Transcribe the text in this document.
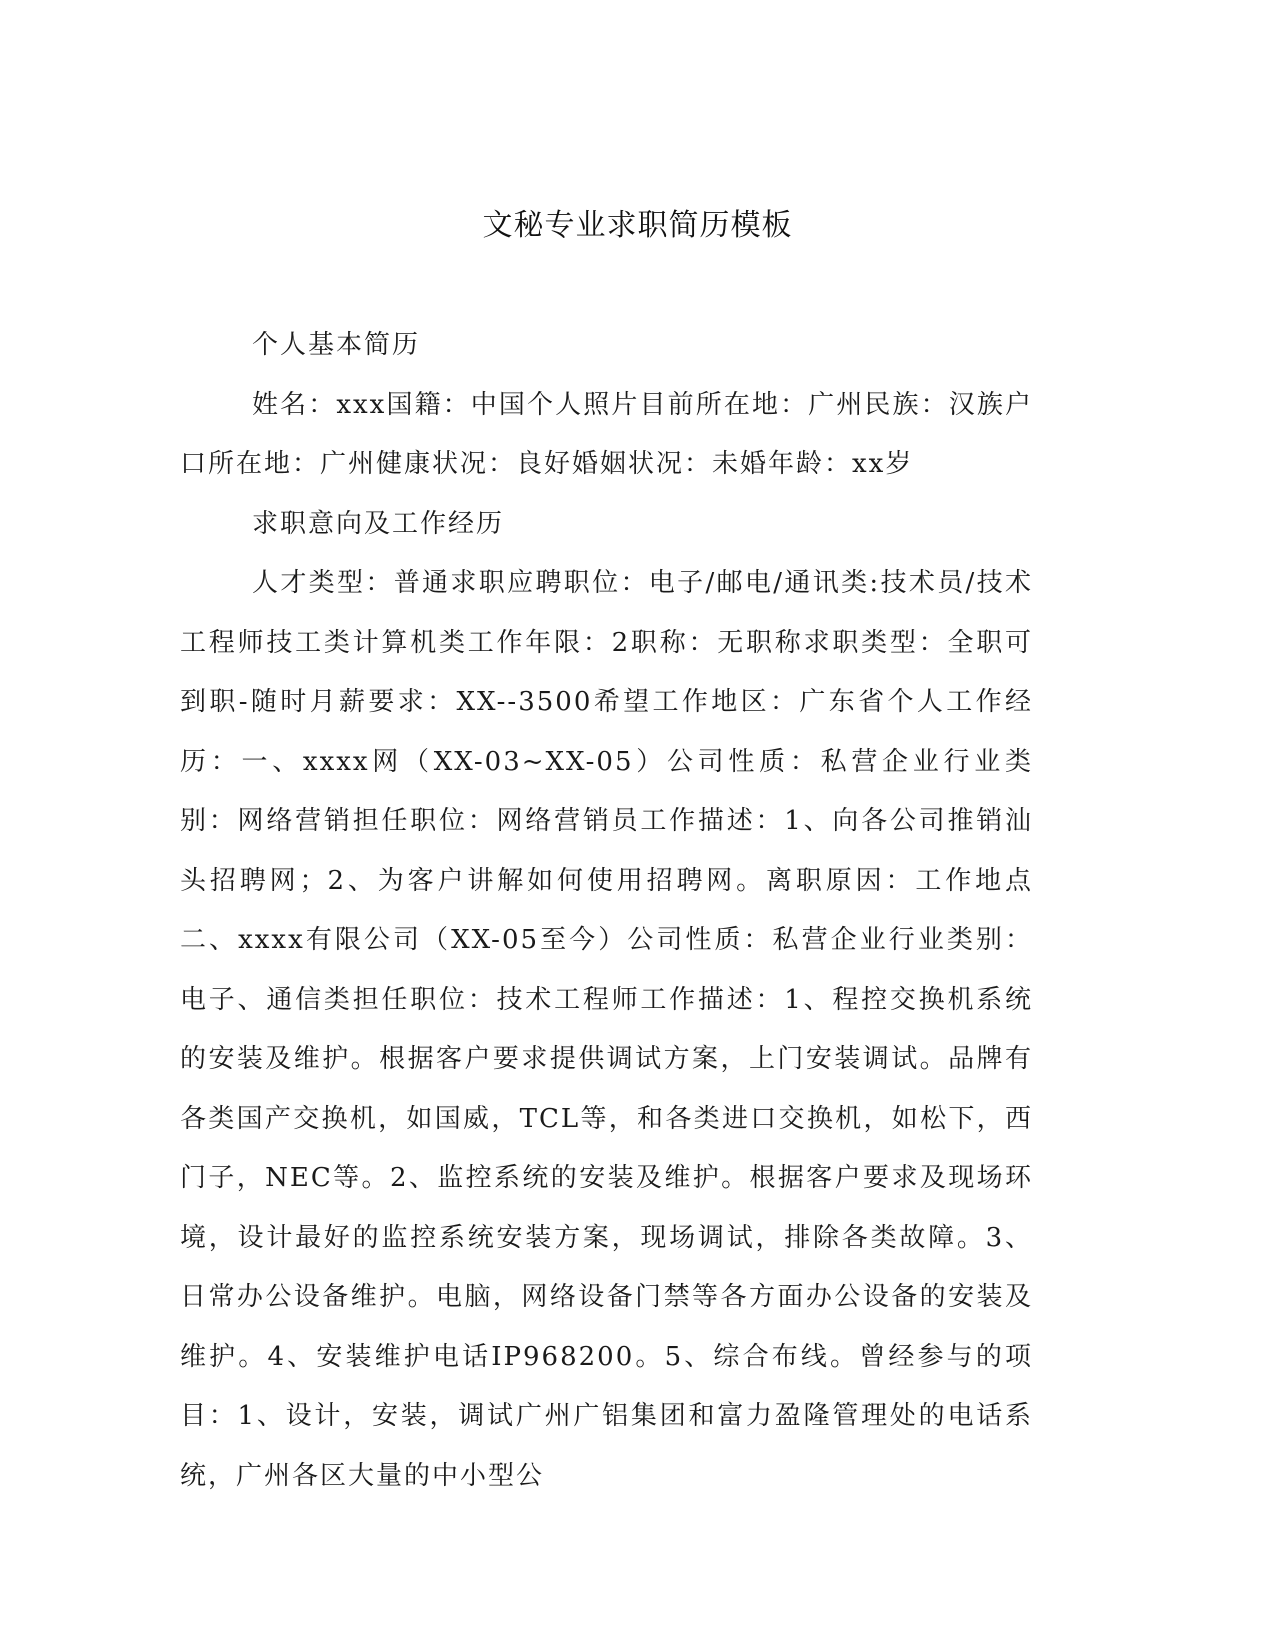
文秘专业求职简历模板

个人基本简历

姓名：xxx国籍：中国个人照片目前所在地：广州民族：汉族户口所在地：广州健康状况：良好婚姻状况：未婚年龄：xx岁

求职意向及工作经历

人才类型：普通求职应聘职位：电子/邮电/通讯类:技术员/技术工程师技工类计算机类工作年限：2职称：无职称求职类型：全职可到职-随时月薪要求：XX--3500希望工作地区：广东省个人工作经历：一、xxxx网（XX-03~XX-05）公司性质：私营企业行业类别：网络营销担任职位：网络营销员工作描述：1、向各公司推销汕头招聘网；2、为客户讲解如何使用招聘网。离职原因：工作地点二、xxxx有限公司（XX-05至今）公司性质：私营企业行业类别：电子、通信类担任职位：技术工程师工作描述：1、程控交换机系统的安装及维护。根据客户要求提供调试方案，上门安装调试。品牌有各类国产交换机，如国威，TCL等，和各类进口交换机，如松下，西门子，NEC等。2、监控系统的安装及维护。根据客户要求及现场环境，设计最好的监控系统安装方案，现场调试，排除各类故障。3、日常办公设备维护。电脑，网络设备门禁等各方面办公设备的安装及维护。4、安装维护电话IP968200。5、综合布线。曾经参与的项目：1、设计，安装，调试广州广铝集团和富力盈隆管理处的电话系统，广州各区大量的中小型公
